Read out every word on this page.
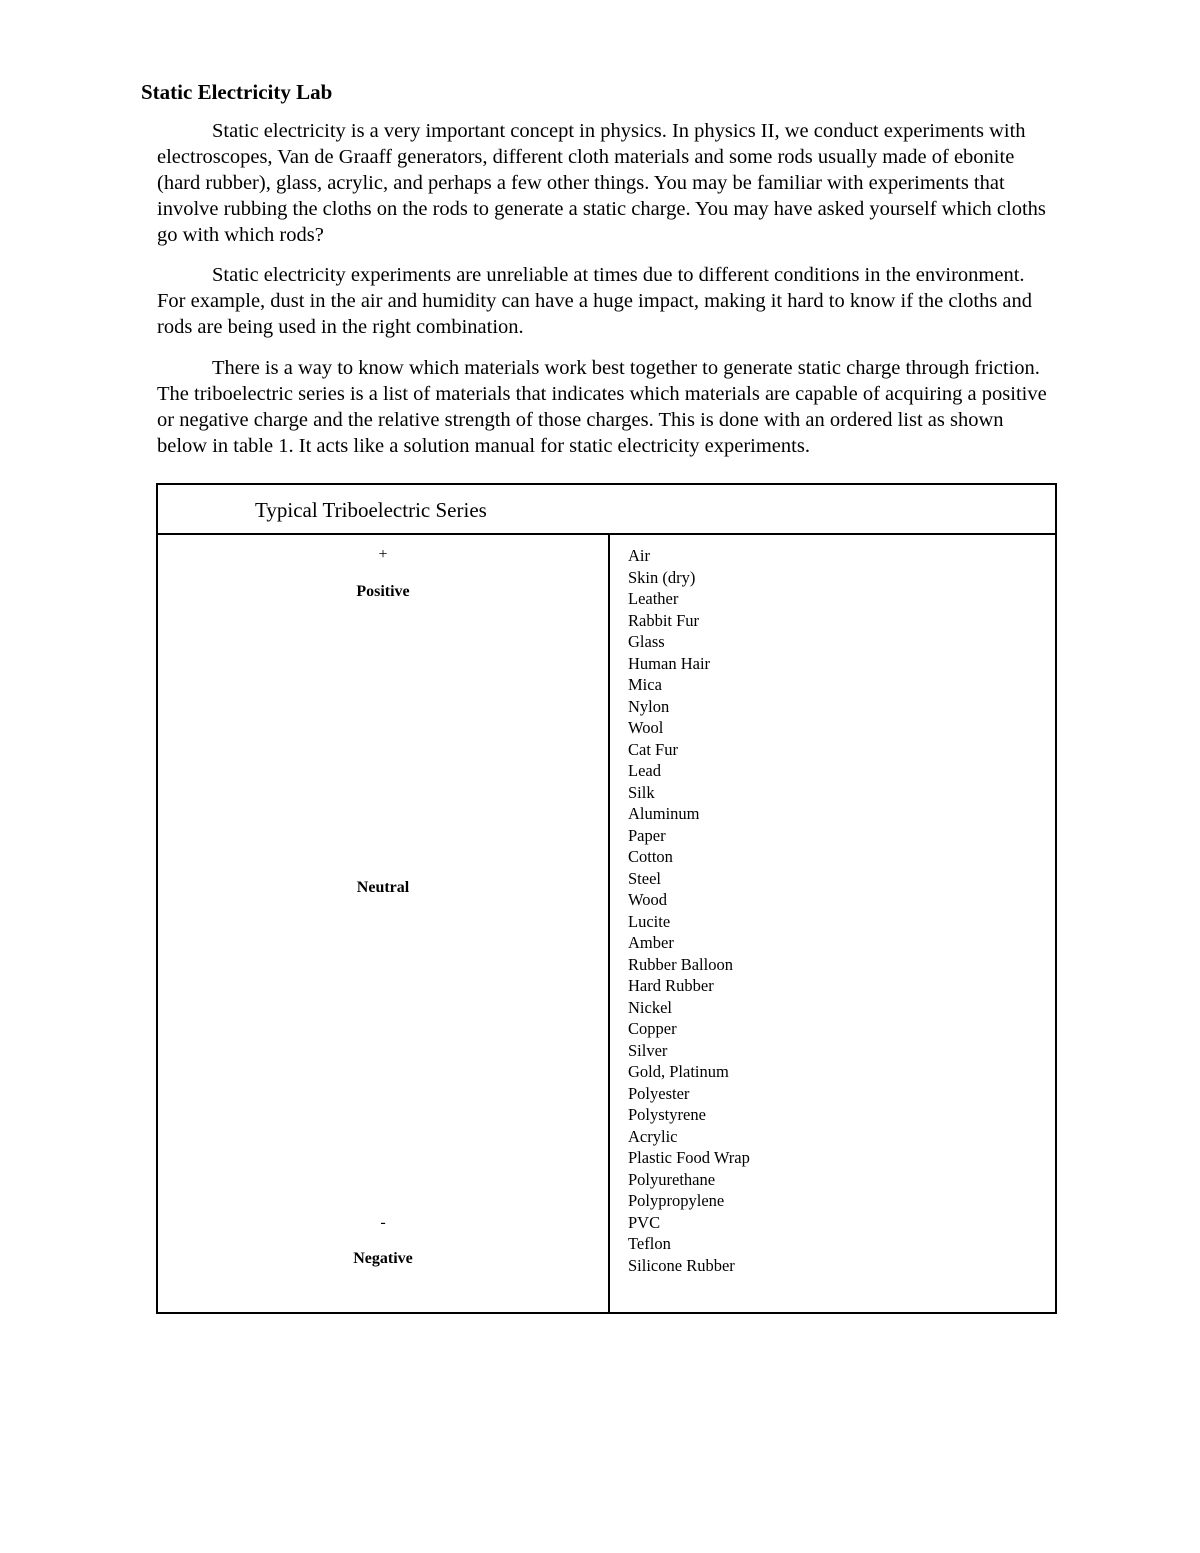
Static Electricity Lab

Static electricity is a very important concept in physics. In physics II, we conduct experiments with electroscopes, Van de Graaff generators, different cloth materials and some rods usually made of ebonite (hard rubber), glass, acrylic, and perhaps a few other things. You may be familiar with experiments that involve rubbing the cloths on the rods to generate a static charge. You may have asked yourself which cloths go with which rods?

Static electricity experiments are unreliable at times due to different conditions in the environment. For example, dust in the air and humidity can have a huge impact, making it hard to know if the cloths and rods are being used in the right combination.

There is a way to know which materials work best together to generate static charge through friction. The triboelectric series is a list of materials that indicates which materials are capable of acquiring a positive or negative charge and the relative strength of those charges. This is done with an ordered list as shown below in table 1. It acts like a solution manual for static electricity experiments.

Typical Triboelectric Series
+
Positive
Neutral
-
Negative
Air
Skin (dry)
Leather
Rabbit Fur
Glass
Human Hair
Mica
Nylon
Wool
Cat Fur
Lead
Silk
Aluminum
Paper
Cotton
Steel
Wood
Lucite
Amber
Rubber Balloon
Hard Rubber
Nickel
Copper
Silver
Gold, Platinum
Polyester
Polystyrene
Acrylic
Plastic Food Wrap
Polyurethane
Polypropylene
PVC
Teflon
Silicone Rubber
